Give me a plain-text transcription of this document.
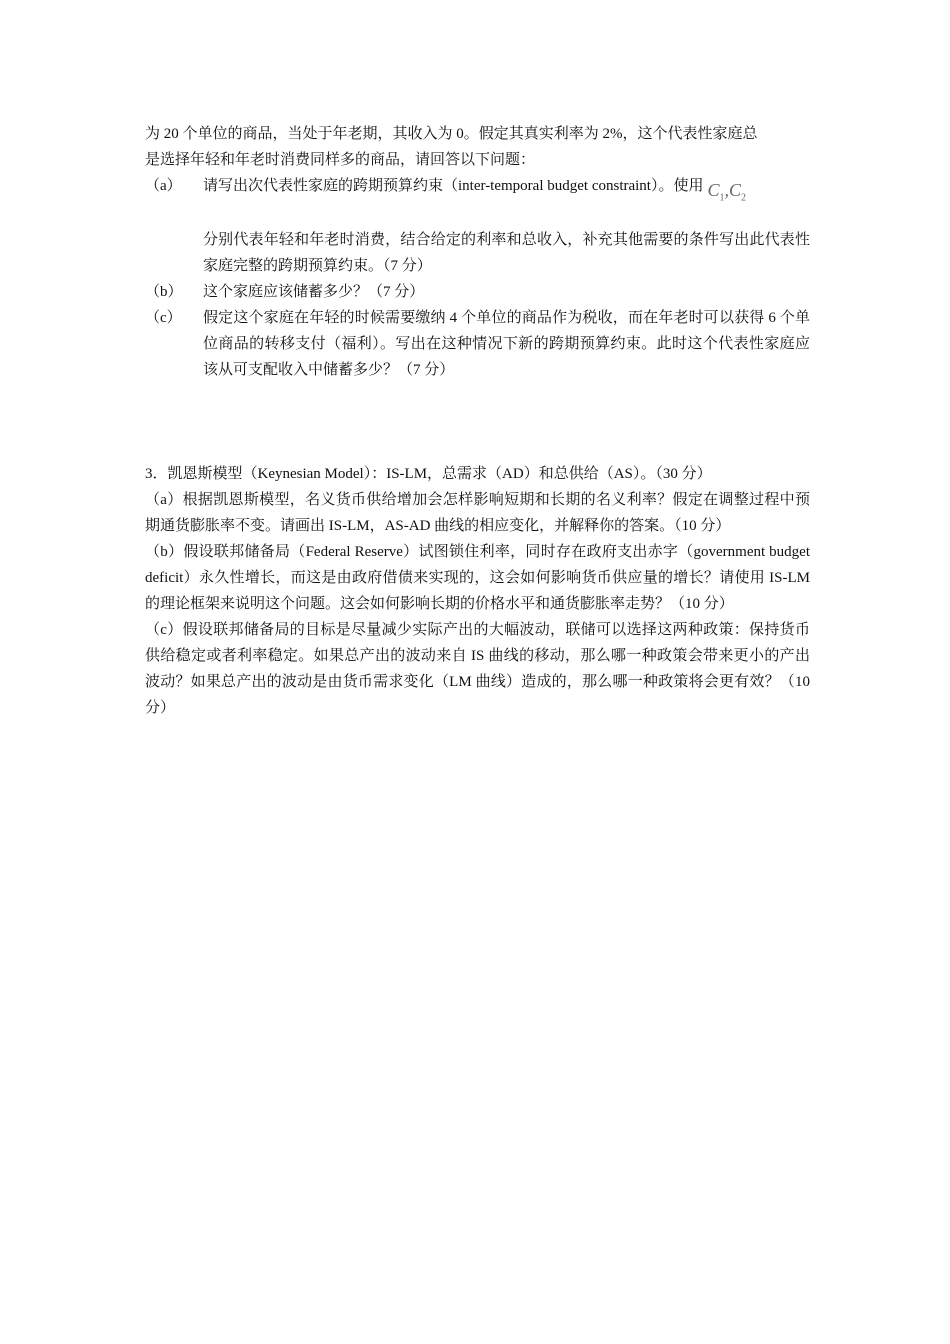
为 20 个单位的商品，当处于年老期，其收入为 0。假定其真实利率为 2%，这个代表性家庭总

是选择年轻和年老时消费同样多的商品，请回答以下问题：

（a）	请写出次代表性家庭的跨期预算约束（inter-temporal budget constraint）。使用 $C_1,C_2$
分别代表年轻和年老时消费，结合给定的利率和总收入，补充其他需要的条件写出此代表性家庭完整的跨期预算约束。（7 分）
（b）	这个家庭应该储蓄多少？（7 分）
（c）	假定这个家庭在年轻的时候需要缴纳 4 个单位的商品作为税收，而在年老时可以获得 6 个单位商品的转移支付（福利）。写出在这种情况下新的跨期预算约束。此时这个代表性家庭应该从可支配收入中储蓄多少？（7 分）

3．凯恩斯模型（Keynesian Model）：IS-LM，总需求（AD）和总供给（AS）。（30 分）

（a）根据凯恩斯模型，名义货币供给增加会怎样影响短期和长期的名义利率？假定在调整过程中预期通货膨胀率不变。请画出 IS-LM，AS-AD 曲线的相应变化，并解释你的答案。（10 分）

（b）假设联邦储备局（Federal Reserve）试图锁住利率，同时存在政府支出赤字（government budget deficit）永久性增长，而这是由政府借债来实现的，这会如何影响货币供应量的增长？请使用 IS-LM 的理论框架来说明这个问题。这会如何影响长期的价格水平和通货膨胀率走势？（10 分）

（c）假设联邦储备局的目标是尽量减少实际产出的大幅波动，联储可以选择这两种政策：保持货币供给稳定或者利率稳定。如果总产出的波动来自 IS 曲线的移动，那么哪一种政策会带来更小的产出波动？如果总产出的波动是由货币需求变化（LM 曲线）造成的，那么哪一种政策将会更有效？（10 分）
